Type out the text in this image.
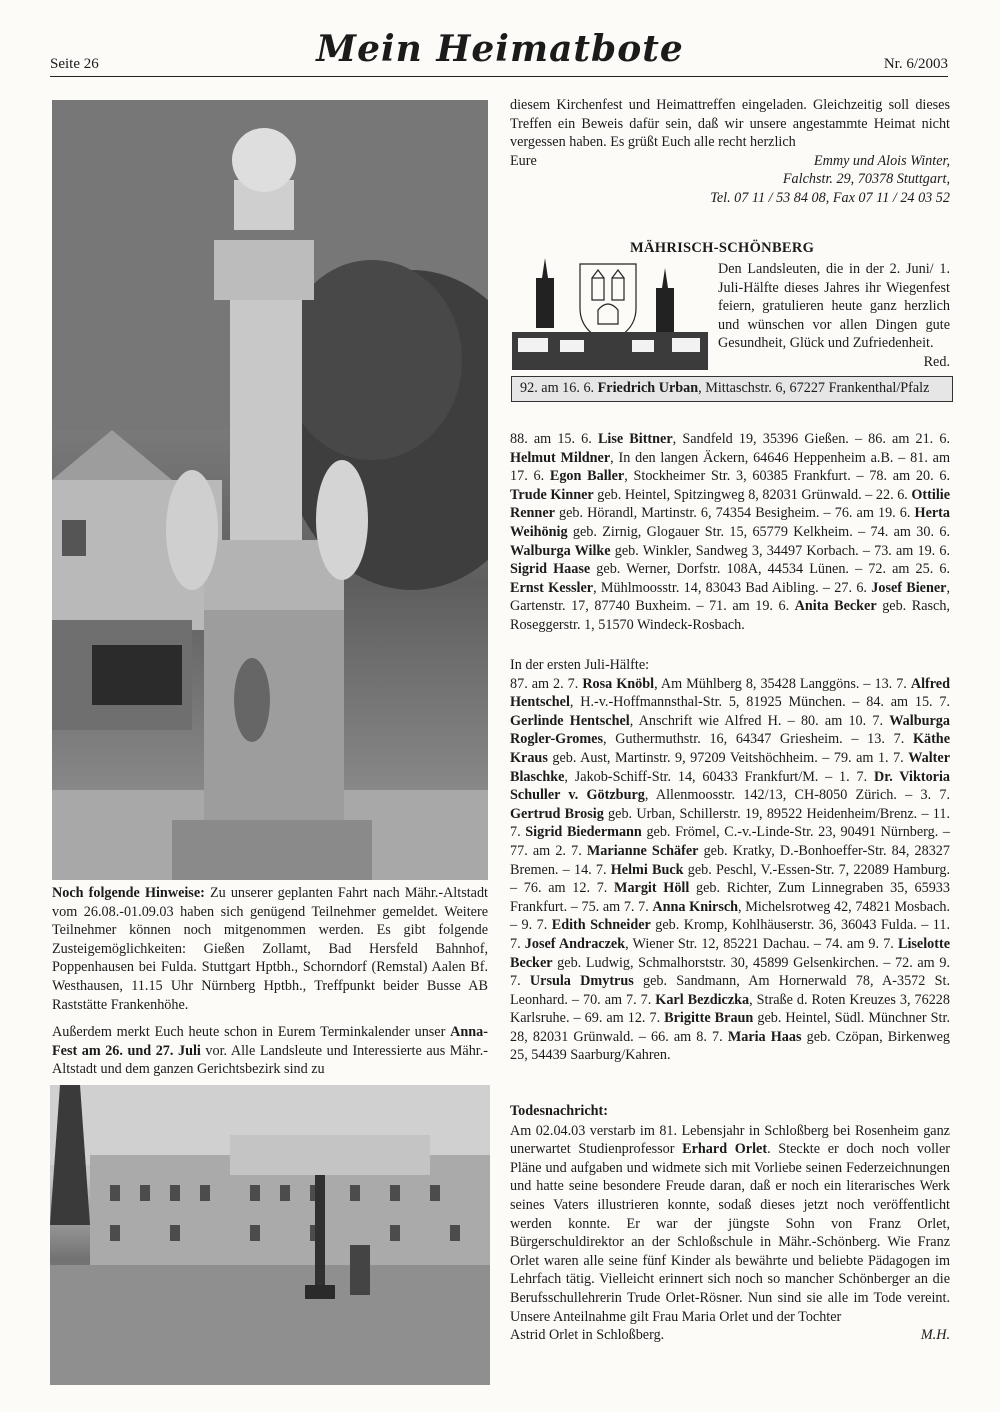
Seite 26	Mein Heimatbote	Nr. 6/2003

Noch folgende Hinweise: Zu unserer geplanten Fahrt nach Mähr.-Altstadt vom 26.08.-01.09.03 haben sich genügend Teilnehmer gemeldet. Weitere Teilnehmer können noch mitgenommen werden. Es gibt folgende Zusteigemöglichkeiten: Gießen Zollamt, Bad Hersfeld Bahnhof, Poppenhausen bei Fulda. Stuttgart Hptbh., Schorndorf (Remstal) Aalen Bf. Westhausen, 11.15 Uhr Nürnberg Hptbh., Treffpunkt beider Busse AB Raststätte Frankenhöhe.

Außerdem merkt Euch heute schon in Eurem Terminkalender unser Anna-Fest am 26. und 27. Juli vor. Alle Landsleute und Interessierte aus Mähr.-Altstadt und dem ganzen Gerichtsbezirk sind zu

diesem Kirchenfest und Heimattreffen eingeladen. Gleichzeitig soll dieses Treffen ein Beweis dafür sein, daß wir unsere angestammte Heimat nicht vergessen haben. Es grüßt Euch alle recht herzlich

Eure	Emmy und Alois Winter,
Falchstr. 29, 70378 Stuttgart,
Tel. 07 11 / 53 84 08, Fax 07 11 / 24 03 52
MÄHRISCH-SCHÖNBERG
Den Landsleuten, die in der 2. Juni/ 1. Juli-Hälfte dieses Jahres ihr Wiegenfest feiern, gratulieren heute ganz herzlich und wünschen vor allen Dingen gute Gesundheit, Glück und Zufriedenheit.
Red.
92. am 16. 6. Friedrich Urban, Mittaschstr. 6, 67227 Frankenthal/Pfalz

88. am 15. 6. Lise Bittner, Sandfeld 19, 35396 Gießen. – 86. am 21. 6. Helmut Mildner, In den langen Äckern, 64646 Heppenheim a.B. – 81. am 17. 6. Egon Baller, Stockheimer Str. 3, 60385 Frankfurt. – 78. am 20. 6. Trude Kinner geb. Heintel, Spitzingweg 8, 82031 Grünwald. – 22. 6. Ottilie Renner geb. Hörandl, Martinstr. 6, 74354 Besigheim. – 76. am 19. 6. Herta Weihönig geb. Zirnig, Glogauer Str. 15, 65779 Kelkheim. – 74. am 30. 6. Walburga Wilke geb. Winkler, Sandweg 3, 34497 Korbach. – 73. am 19. 6. Sigrid Haase geb. Werner, Dorfstr. 108A, 44534 Lünen. – 72. am 25. 6. Ernst Kessler, Mühlmoosstr. 14, 83043 Bad Aibling. – 27. 6. Josef Biener, Gartenstr. 17, 87740 Buxheim. – 71. am 19. 6. Anita Becker geb. Rasch, Roseggerstr. 1, 51570 Windeck-Rosbach.

In der ersten Juli-Hälfte:

87. am 2. 7. Rosa Knöbl, Am Mühlberg 8, 35428 Langgöns. – 13. 7. Alfred Hentschel, H.-v.-Hoffmannsthal-Str. 5, 81925 München. – 84. am 15. 7. Gerlinde Hentschel, Anschrift wie Alfred H. – 80. am 10. 7. Walburga Rogler-Gromes, Guthermuthstr. 16, 64347 Griesheim. – 13. 7. Käthe Kraus geb. Aust, Martinstr. 9, 97209 Veitshöchheim. – 79. am 1. 7. Walter Blaschke, Jakob-Schiff-Str. 14, 60433 Frankfurt/M. – 1. 7. Dr. Viktoria Schuller v. Götzburg, Allenmoosstr. 142/13, CH-8050 Zürich. – 3. 7. Gertrud Brosig geb. Urban, Schillerstr. 19, 89522 Heidenheim/Brenz. – 11. 7. Sigrid Biedermann geb. Frömel, C.-v.-Linde-Str. 23, 90491 Nürnberg. – 77. am 2. 7. Marianne Schäfer geb. Kratky, D.-Bonhoeffer-Str. 84, 28327 Bremen. – 14. 7. Helmi Buck geb. Peschl, V.-Essen-Str. 7, 22089 Hamburg. – 76. am 12. 7. Margit Höll geb. Richter, Zum Linnegraben 35, 65933 Frankfurt. – 75. am 7. 7. Anna Knirsch, Michelsrotweg 42, 74821 Mosbach. – 9. 7. Edith Schneider geb. Kromp, Kohlhäuserstr. 36, 36043 Fulda. – 11. 7. Josef Andraczek, Wiener Str. 12, 85221 Dachau. – 74. am 9. 7. Liselotte Becker geb. Ludwig, Schmalhorststr. 30, 45899 Gelsenkirchen. – 72. am 9. 7. Ursula Dmytrus geb. Sandmann, Am Hornerwald 78, A-3572 St. Leonhard. – 70. am 7. 7. Karl Bezdiczka, Straße d. Roten Kreuzes 3, 76228 Karlsruhe. – 69. am 12. 7. Brigitte Braun geb. Heintel, Südl. Münchner Str. 28, 82031 Grünwald. – 66. am 8. 7. Maria Haas geb. Czöpan, Birkenweg 25, 54439 Saarburg/Kahren.

Todesnachricht:

Am 02.04.03 verstarb im 81. Lebensjahr in Schloßberg bei Rosenheim ganz unerwartet Studienprofessor Erhard Orlet. Steckte er doch noch voller Pläne und aufgaben und widmete sich mit Vorliebe seinen Federzeichnungen und hatte seine besondere Freude daran, daß er noch ein literarisches Werk seines Vaters illustrieren konnte, sodaß dieses jetzt noch veröffentlicht werden konnte. Er war der jüngste Sohn von Franz Orlet, Bürgerschuldirektor an der Schloßschule in Mähr.-Schönberg. Wie Franz Orlet waren alle seine fünf Kinder als bewährte und beliebte Pädagogen im Lehrfach tätig. Vielleicht erinnert sich noch so mancher Schönberger an die Berufsschullehrerin Trude Orlet-Rösner. Nun sind sie alle im Tode vereint. Unsere Anteilnahme gilt Frau Maria Orlet und der Tochter

Astrid Orlet in Schloßberg.	M.H.
